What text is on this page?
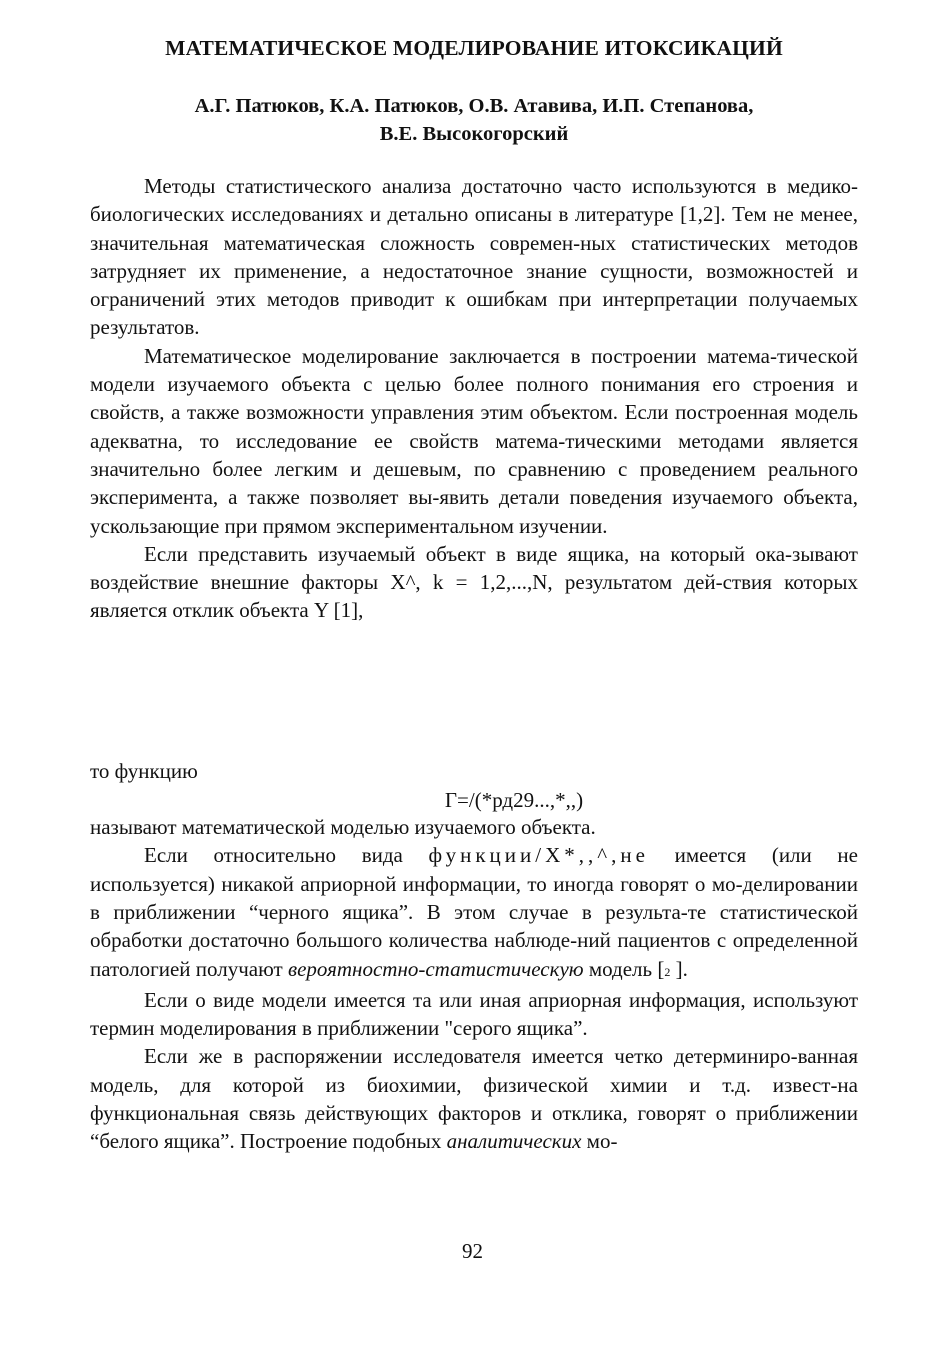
МАТЕМАТИЧЕСКОЕ МОДЕЛИРОВАНИЕ ИТОКСИКАЦИЙ
А.Г. Патюков, К.А. Патюков, О.В. Атавива, И.П. Степанова,
В.Е. Высокогорский

Методы статистического анализа достаточно часто используются в медико-биологических исследованиях и детально описаны в литературе [1,2]. Тем не менее, значительная математическая сложность современ-ных статистических методов затрудняет их применение, а недостаточное знание сущности, возможностей и ограничений этих методов приводит к ошибкам при интерпретации получаемых результатов.

Математическое моделирование заключается в построении матема-тической модели изучаемого объекта с целью более полного понимания его строения и свойств, а также возможности управления этим объектом. Если построенная модель адекватна, то исследование ее свойств матема-тическими методами является значительно более легким и дешевым, по сравнению с проведением реального эксперимента, а также позволяет вы-явить детали поведения изучаемого объекта, ускользающие при прямом экспериментальном изучении.

Если представить изучаемый объект в виде ящика, на который ока-зывают воздействие внешние факторы X^, k = 1,2,...,N, результатом дей-ствия которых является отклик объекта Y [1],

то функцию

Г=/(*рд29...,*,,)

называют математической моделью изучаемого объекта.

Если относительно вида функции/X*,,^,не имеется (или не используется) никакой априорной информации, то иногда говорят о мо-делировании в приближении “черного ящика”. В этом случае в результа-те статистической обработки достаточно большого количества наблюде-ний пациентов с определенной патологией получают вероятностно-статистическую модель [2 ].

Если о виде модели имеется та или иная априорная информация, используют термин моделирования в приближении "серого ящика”.

Если же в распоряжении исследователя имеется четко детерминиро-ванная модель, для которой из биохимии, физической химии и т.д. извест-на функциональная связь действующих факторов и отклика, говорят о приближении “белого ящика”. Построение подобных аналитических мо-

92
